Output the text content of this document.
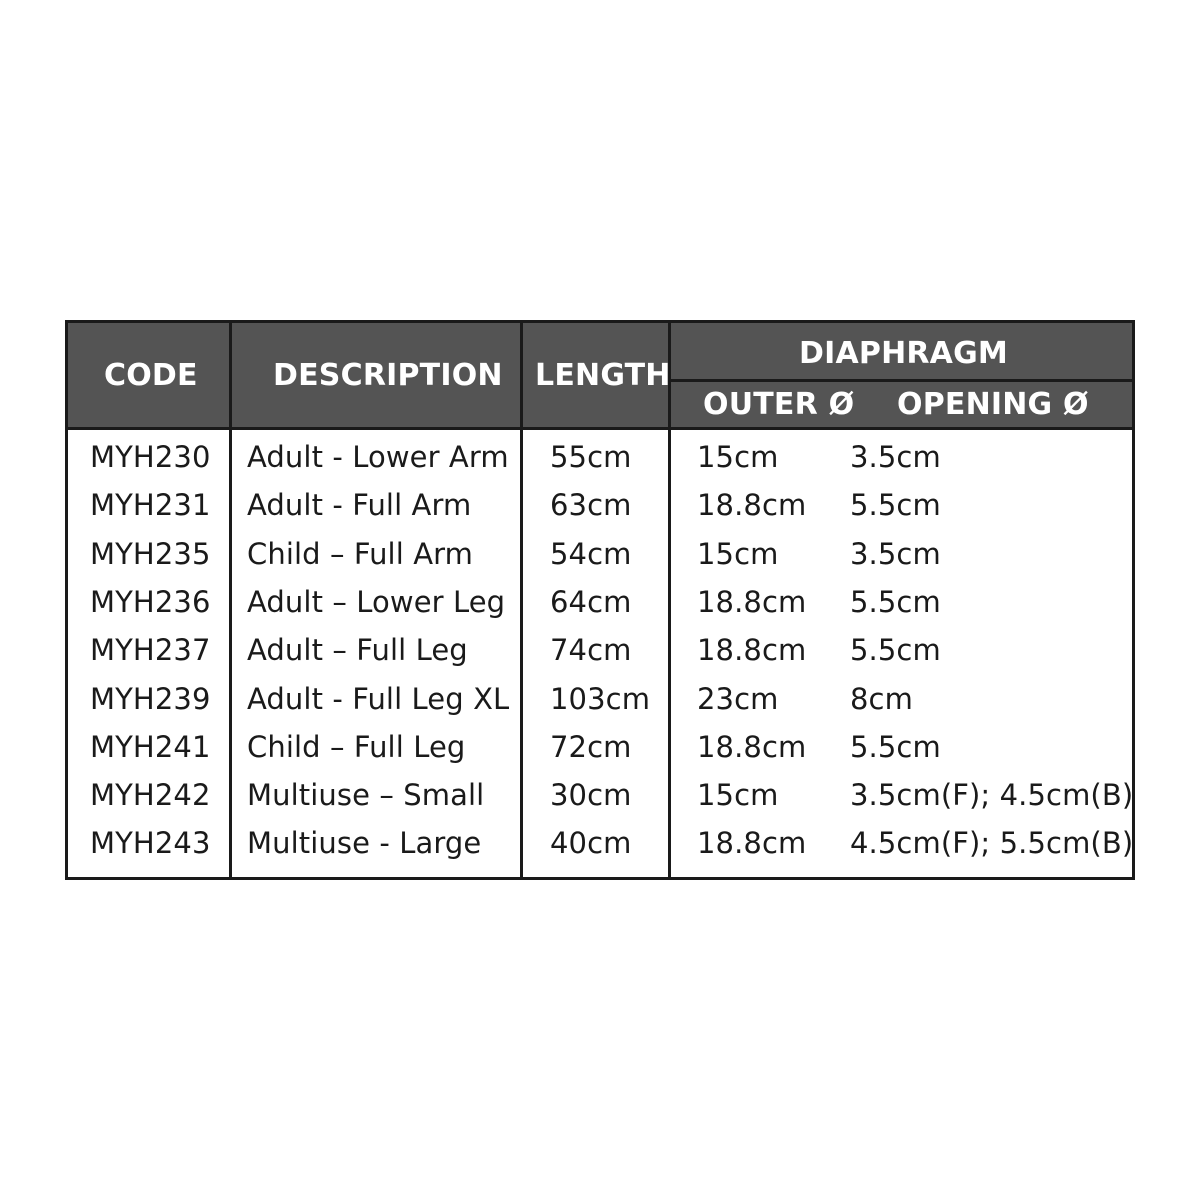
CODE	DESCRIPTION LENGTH
DIAPHRAGM
OUTER Ø OPENING Ø
MYH230 Adult - Lower Arm 55cm 15cm 3.5cm
MYH231 Adult - Full Arm	63cm 18.8cm 5.5cm
MYH235 Child – Full Arm	54cm 15cm 3.5cm
MYH236 Adult – Lower Leg 64cm 18.8cm 5.5cm
MYH237 Adult – Full Leg	74cm 18.8cm 5.5cm
MYH239 Adult - Full Leg XL 103cm 23cm 8cm
MYH241 Child – Full Leg	72cm 18.8cm 5.5cm
MYH242 Multiuse – Small 30cm 15cm 3.5cm(F); 4.5cm(B)
MYH243 Multiuse - Large 40cm 18.8cm 4.5cm(F); 5.5cm(B)
